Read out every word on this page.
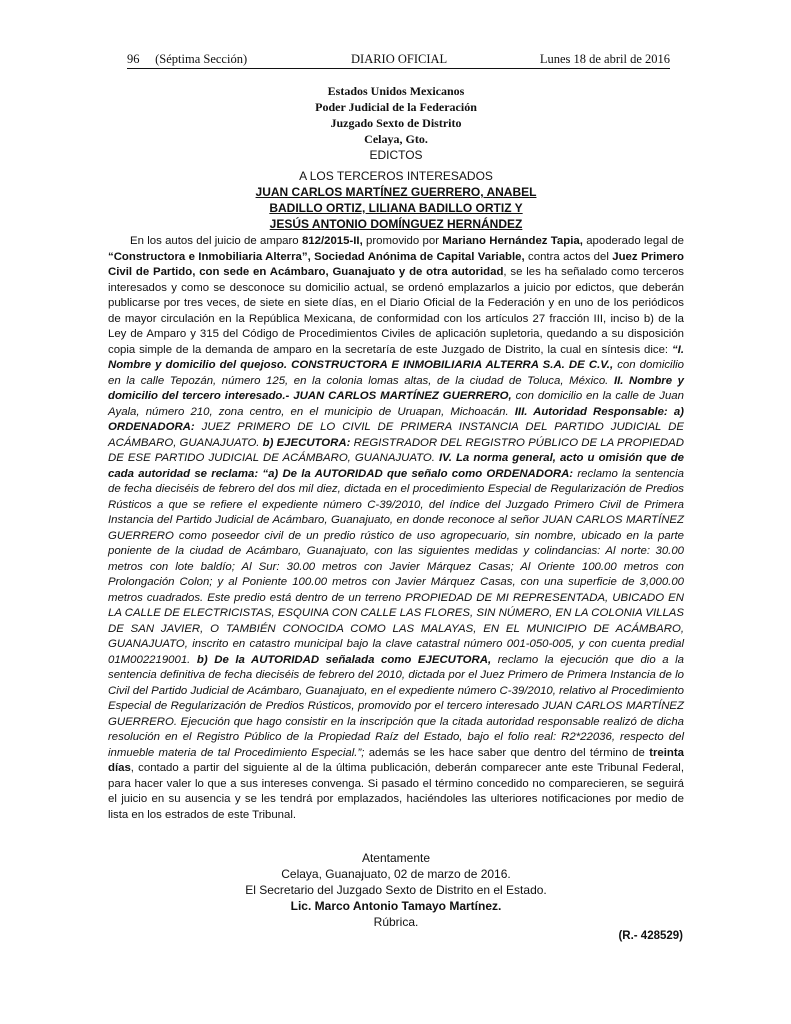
96 (Séptima Sección)	DIARIO OFICIAL	Lunes 18 de abril de 2016
Estados Unidos Mexicanos
Poder Judicial de la Federación
Juzgado Sexto de Distrito
Celaya, Gto.
EDICTOS
A LOS TERCEROS INTERESADOS
JUAN CARLOS MARTÍNEZ GUERRERO, ANABEL
BADILLO ORTIZ, LILIANA BADILLO ORTIZ Y
JESÚS ANTONIO DOMÍNGUEZ HERNÁNDEZ
En los autos del juicio de amparo 812/2015-II, promovido por Mariano Hernández Tapia, apoderado legal de “Constructora e Inmobiliaria Alterra”, Sociedad Anónima de Capital Variable, contra actos del Juez Primero Civil de Partido, con sede en Acámbaro, Guanajuato y de otra autoridad, se les ha señalado como terceros interesados y como se desconoce su domicilio actual, se ordenó emplazarlos a juicio por edictos, que deberán publicarse por tres veces, de siete en siete días, en el Diario Oficial de la Federación y en uno de los periódicos de mayor circulación en la República Mexicana, de conformidad con los artículos 27 fracción III, inciso b) de la Ley de Amparo y 315 del Código de Procedimientos Civiles de aplicación supletoria, quedando a su disposición copia simple de la demanda de amparo en la secretaría de este Juzgado de Distrito, la cual en síntesis dice: “I. Nombre y domicilio del quejoso. CONSTRUCTORA E INMOBILIARIA ALTERRA S.A. DE C.V., con domicilio en la calle Tepozán, número 125, en la colonia lomas altas, de la ciudad de Toluca, México. II. Nombre y domicilio del tercero interesado.- JUAN CARLOS MARTÍNEZ GUERRERO, con domicilio en la calle de Juan Ayala, número 210, zona centro, en el municipio de Uruapan, Michoacán. III. Autoridad Responsable: a) ORDENADORA: JUEZ PRIMERO DE LO CIVIL DE PRIMERA INSTANCIA DEL PARTIDO JUDICIAL DE ACÁMBARO, GUANAJUATO. b) EJECUTORA: REGISTRADOR DEL REGISTRO PÚBLICO DE LA PROPIEDAD DE ESE PARTIDO JUDICIAL DE ACÁMBARO, GUANAJUATO. IV. La norma general, acto u omisión que de cada autoridad se reclama: “a) De la AUTORIDAD que señalo como ORDENADORA: reclamo la sentencia de fecha dieciséis de febrero del dos mil diez, dictada en el procedimiento Especial de Regularización de Predios Rústicos a que se refiere el expediente número C-39/2010, del índice del Juzgado Primero Civil de Primera Instancia del Partido Judicial de Acámbaro, Guanajuato, en donde reconoce al señor JUAN CARLOS MARTÍNEZ GUERRERO como poseedor civil de un predio rústico de uso agropecuario, sin nombre, ubicado en la parte poniente de la ciudad de Acámbaro, Guanajuato, con las siguientes medidas y colindancias: Al norte: 30.00 metros con lote baldío; Al Sur: 30.00 metros con Javier Márquez Casas; Al Oriente 100.00 metros con Prolongación Colon; y al Poniente 100.00 metros con Javier Márquez Casas, con una superficie de 3,000.00 metros cuadrados. Este predio está dentro de un terreno PROPIEDAD DE MI REPRESENTADA, UBICADO EN LA CALLE DE ELECTRICISTAS, ESQUINA CON CALLE LAS FLORES, SIN NÚMERO, EN LA COLONIA VILLAS DE SAN JAVIER, O TAMBIÉN CONOCIDA COMO LAS MALAYAS, EN EL MUNICIPIO DE ACÁMBARO, GUANAJUATO, inscrito en catastro municipal bajo la clave catastral número 001-050-005, y con cuenta predial 01M002219001. b) De la AUTORIDAD señalada como EJECUTORA, reclamo la ejecución que dio a la sentencia definitiva de fecha dieciséis de febrero del 2010, dictada por el Juez Primero de Primera Instancia de lo Civil del Partido Judicial de Acámbaro, Guanajuato, en el expediente número C-39/2010, relativo al Procedimiento Especial de Regularización de Predios Rústicos, promovido por el tercero interesado JUAN CARLOS MARTÍNEZ GUERRERO. Ejecución que hago consistir en la inscripción que la citada autoridad responsable realizó de dicha resolución en el Registro Público de la Propiedad Raíz del Estado, bajo el folio real: R2*22036, respecto del inmueble materia de tal Procedimiento Especial.”; además se les hace saber que dentro del término de treinta días, contado a partir del siguiente al de la última publicación, deberán comparecer ante este Tribunal Federal, para hacer valer lo que a sus intereses convenga. Si pasado el término concedido no comparecieren, se seguirá el juicio en su ausencia y se les tendrá por emplazados, haciéndoles las ulteriores notificaciones por medio de lista en los estrados de este Tribunal.
Atentamente
Celaya, Guanajuato, 02 de marzo de 2016.
El Secretario del Juzgado Sexto de Distrito en el Estado.
Lic. Marco Antonio Tamayo Martínez.
Rúbrica.
(R.- 428529)
